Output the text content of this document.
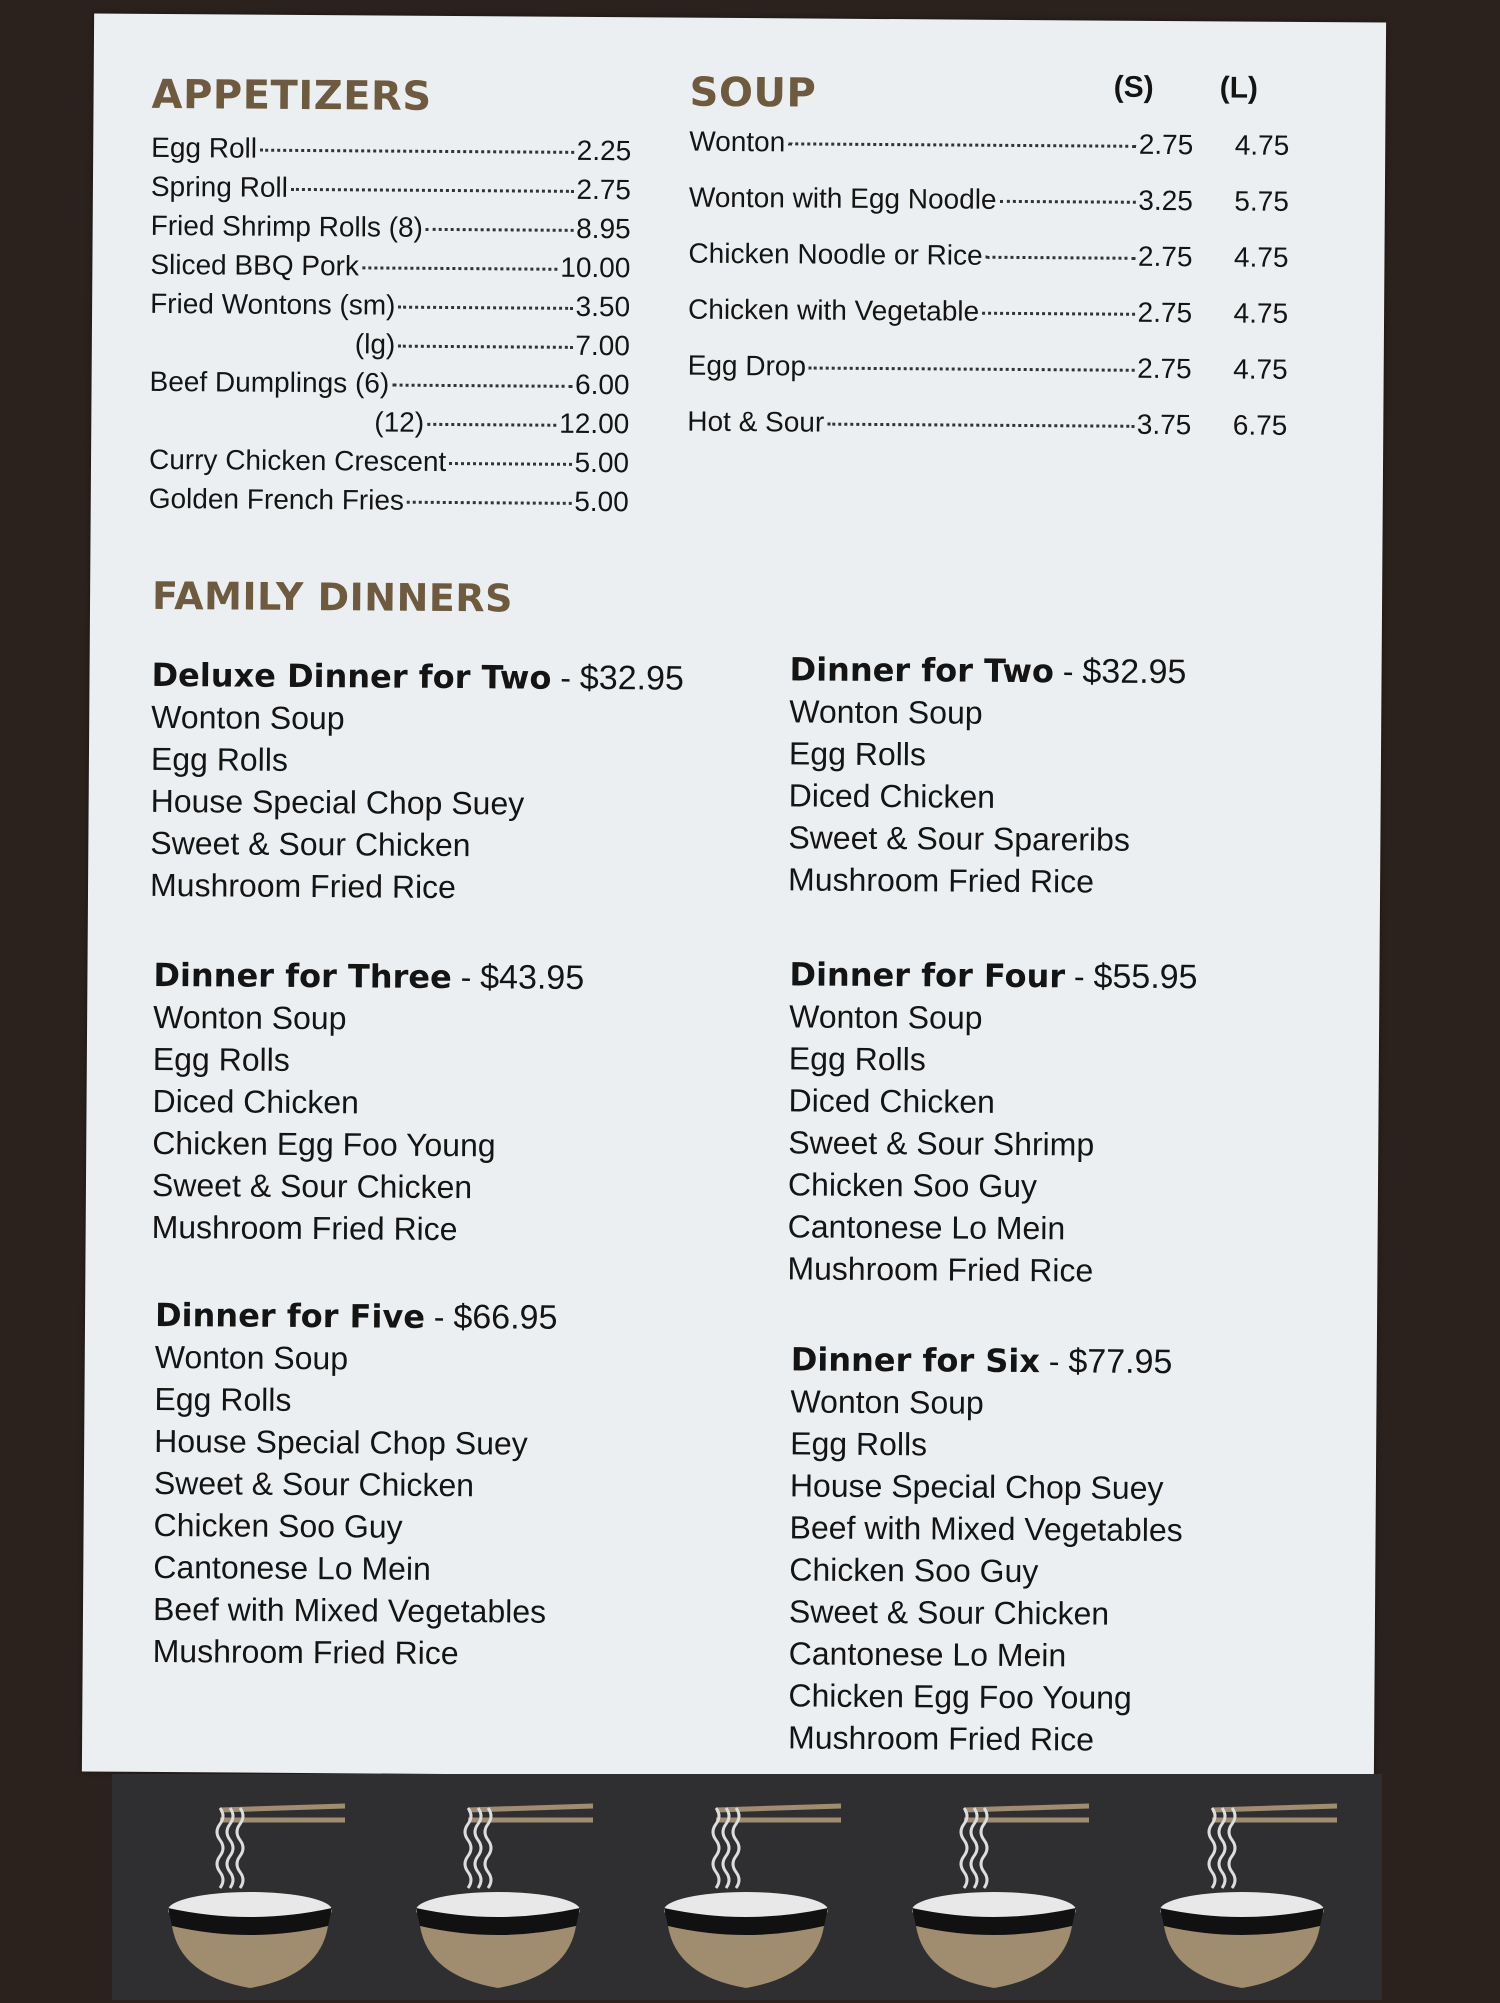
APPETIZERS
Egg Roll	2.25
Spring Roll	2.75
Fried Shrimp Rolls (8)	8.95
Sliced BBQ Pork	10.00
Fried Wontons (sm)	3.50
(lg)	7.00
Beef Dumplings (6)	6.00
(12)	12.00
Curry Chicken Crescent	5.00
Golden French Fries	5.00
SOUP	(S) (L)
Wonton	2.75	4.75
Wonton with Egg Noodle	3.25	5.75
Chicken Noodle or Rice	2.75	4.75
Chicken with Vegetable	2.75	4.75
Egg Drop	2.75	4.75
Hot & Sour	3.75	6.75
FAMILY DINNERS
Deluxe Dinner for Two - $32.95
Wonton Soup
Egg Rolls
House Special Chop Suey
Sweet & Sour Chicken
Mushroom Fried Rice
Dinner for Two - $32.95
Wonton Soup
Egg Rolls
Diced Chicken
Sweet & Sour Spareribs
Mushroom Fried Rice
Dinner for Three - $43.95
Wonton Soup
Egg Rolls
Diced Chicken
Chicken Egg Foo Young
Sweet & Sour Chicken
Mushroom Fried Rice
Dinner for Four - $55.95
Wonton Soup
Egg Rolls
Diced Chicken
Sweet & Sour Shrimp
Chicken Soo Guy
Cantonese Lo Mein
Mushroom Fried Rice
Dinner for Five - $66.95
Wonton Soup
Egg Rolls
House Special Chop Suey
Sweet & Sour Chicken
Chicken Soo Guy
Cantonese Lo Mein
Beef with Mixed Vegetables
Mushroom Fried Rice
Dinner for Six - $77.95
Wonton Soup
Egg Rolls
House Special Chop Suey
Beef with Mixed Vegetables
Chicken Soo Guy
Sweet & Sour Chicken
Cantonese Lo Mein
Chicken Egg Foo Young
Mushroom Fried Rice
